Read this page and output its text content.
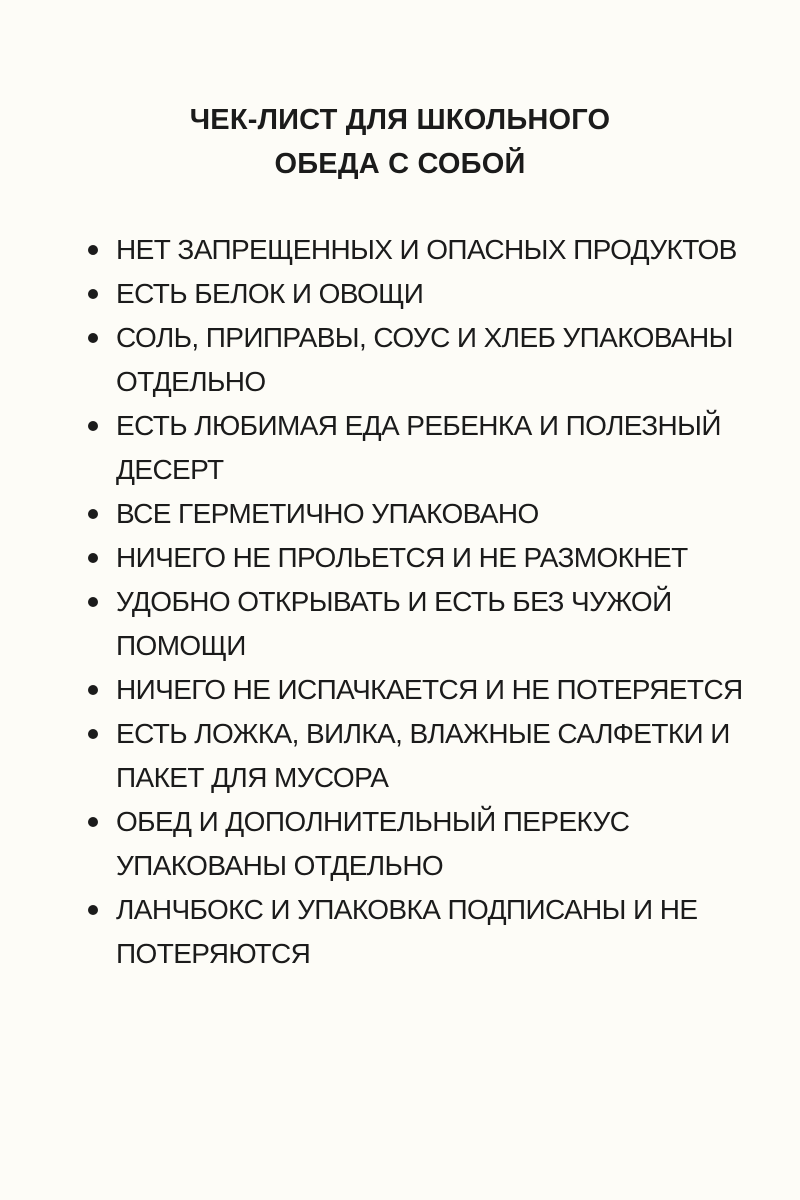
ЧЕК-ЛИСТ ДЛЯ ШКОЛЬНОГО
ОБЕДА С СОБОЙ
НЕТ ЗАПРЕЩЕННЫХ И ОПАСНЫХ ПРОДУКТОВ
ЕСТЬ БЕЛОК И ОВОЩИ
СОЛЬ, ПРИПРАВЫ, СОУС И ХЛЕБ УПАКОВАНЫ ОТДЕЛЬНО
ЕСТЬ ЛЮБИМАЯ ЕДА РЕБЕНКА И ПОЛЕЗНЫЙ ДЕСЕРТ
ВСЕ ГЕРМЕТИЧНО УПАКОВАНО
НИЧЕГО НЕ ПРОЛЬЕТСЯ И НЕ РАЗМОКНЕТ
УДОБНО ОТКРЫВАТЬ И ЕСТЬ БЕЗ ЧУЖОЙ ПОМОЩИ
НИЧЕГО НЕ ИСПАЧКАЕТСЯ И НЕ ПОТЕРЯЕТСЯ
ЕСТЬ ЛОЖКА, ВИЛКА, ВЛАЖНЫЕ САЛФЕТКИ И ПАКЕТ ДЛЯ МУСОРА
ОБЕД И ДОПОЛНИТЕЛЬНЫЙ ПЕРЕКУС УПАКОВАНЫ ОТДЕЛЬНО
ЛАНЧБОКС И УПАКОВКА ПОДПИСАНЫ И НЕ ПОТЕРЯЮТСЯ
